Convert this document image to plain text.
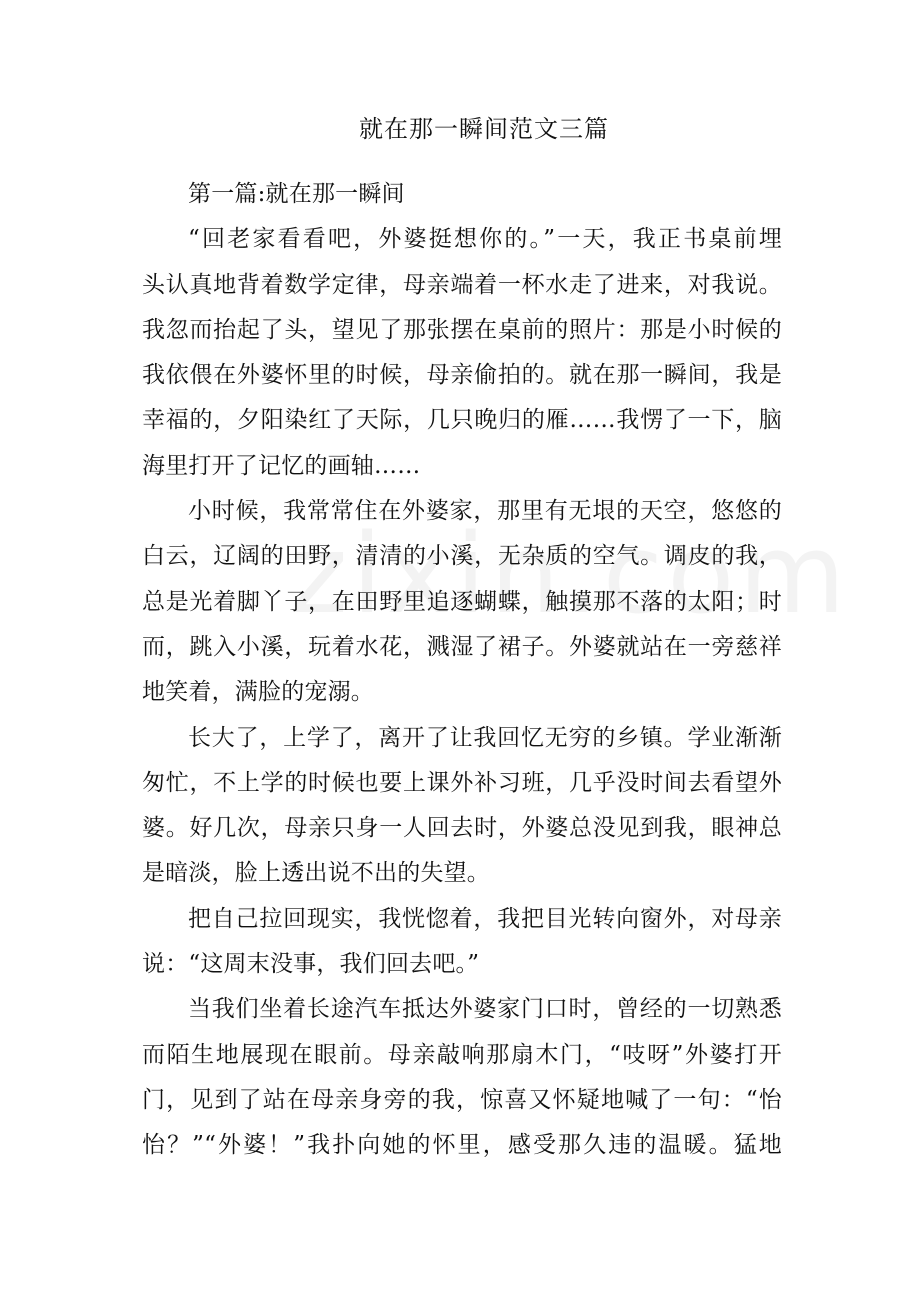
就在那一瞬间范文三篇
第一篇:就在那一瞬间
“回老家看看吧，外婆挺想你的。”一天，我正书桌前埋
头认真地背着数学定律，母亲端着一杯水走了进来，对我说。
我忽而抬起了头，望见了那张摆在桌前的照片：那是小时候的
我依偎在外婆怀里的时候，母亲偷拍的。就在那一瞬间，我是
幸福的，夕阳染红了天际，几只晚归的雁……我愣了一下，脑
海里打开了记忆的画轴……
小时候，我常常住在外婆家，那里有无垠的天空，悠悠的
白云，辽阔的田野，清清的小溪，无杂质的空气。调皮的我，
总是光着脚丫子，在田野里追逐蝴蝶，触摸那不落的太阳；时
而，跳入小溪，玩着水花，溅湿了裙子。外婆就站在一旁慈祥
地笑着，满脸的宠溺。
长大了，上学了，离开了让我回忆无穷的乡镇。学业渐渐
匆忙，不上学的时候也要上课外补习班，几乎没时间去看望外
婆。好几次，母亲只身一人回去时，外婆总没见到我，眼神总
是暗淡，脸上透出说不出的失望。
把自己拉回现实，我恍惚着，我把目光转向窗外，对母亲
说：“这周末没事，我们回去吧。”
当我们坐着长途汽车抵达外婆家门口时，曾经的一切熟悉
而陌生地展现在眼前。母亲敲响那扇木门，“吱呀”外婆打开
门，见到了站在母亲身旁的我，惊喜又怀疑地喊了一句：“怡
怡？”“外婆！”我扑向她的怀里，感受那久违的温暖。猛地
